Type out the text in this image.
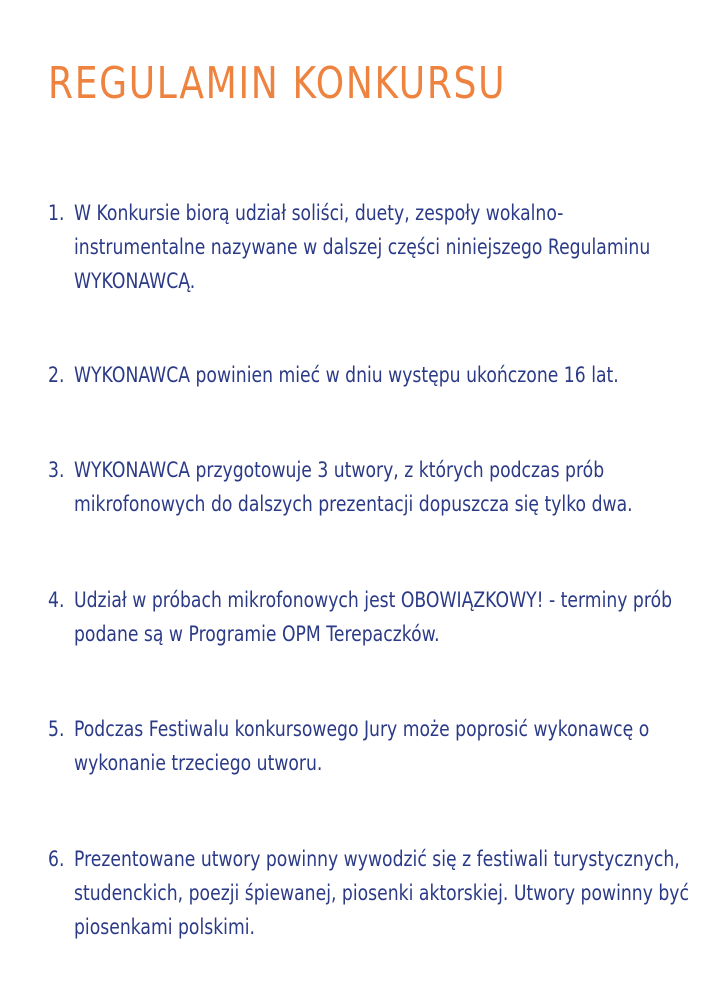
REGULAMIN KONKURSU
1. W Konkursie biorą udział soliści, duety, zespoły wokalno-
instrumentalne nazywane w dalszej części niniejszego Regulaminu
WYKONAWCĄ.

2. WYKONAWCA powinien mieć w dniu występu ukończone 16 lat.

3. WYKONAWCA przygotowuje 3 utwory, z których podczas prób
mikrofonowych do dalszych prezentacji dopuszcza się tylko dwa.

4. Udział w próbach mikrofonowych jest OBOWIĄZKOWY! - terminy prób
podane są w Programie OPM Terepaczków.

5. Podczas Festiwalu konkursowego Jury może poprosić wykonawcę o
wykonanie trzeciego utworu.

6. Prezentowane utwory powinny wywodzić się z festiwali turystycznych,
studenckich, poezji śpiewanej, piosenki aktorskiej. Utwory powinny być
piosenkami polskimi.
